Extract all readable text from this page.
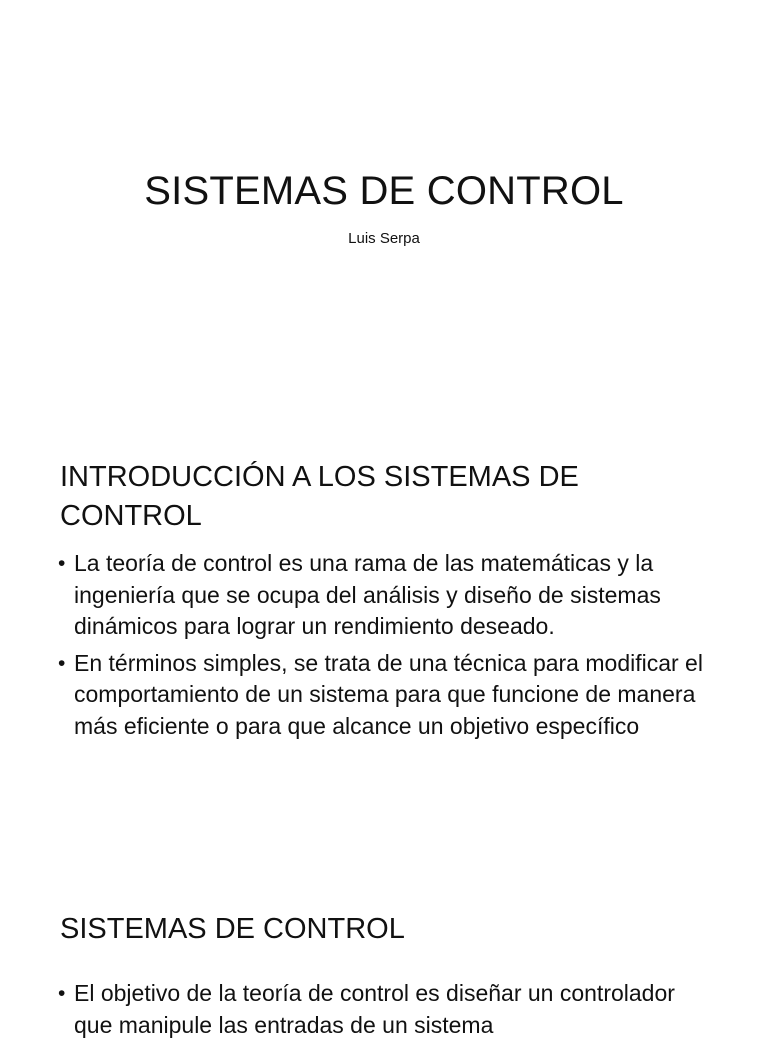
SISTEMAS DE CONTROL
Luis Serpa
INTRODUCCIÓN A LOS SISTEMAS DE CONTROL
• La teoría de control es una rama de las matemáticas y la ingeniería que se ocupa del análisis y diseño de sistemas dinámicos para lograr un rendimiento deseado.
• En términos simples, se trata de una técnica para modificar el comportamiento de un sistema para que funcione de manera más eficiente o para que alcance un objetivo específico
SISTEMAS DE CONTROL
• El objetivo de la teoría de control es diseñar un controlador que manipule las entradas de un sistema
